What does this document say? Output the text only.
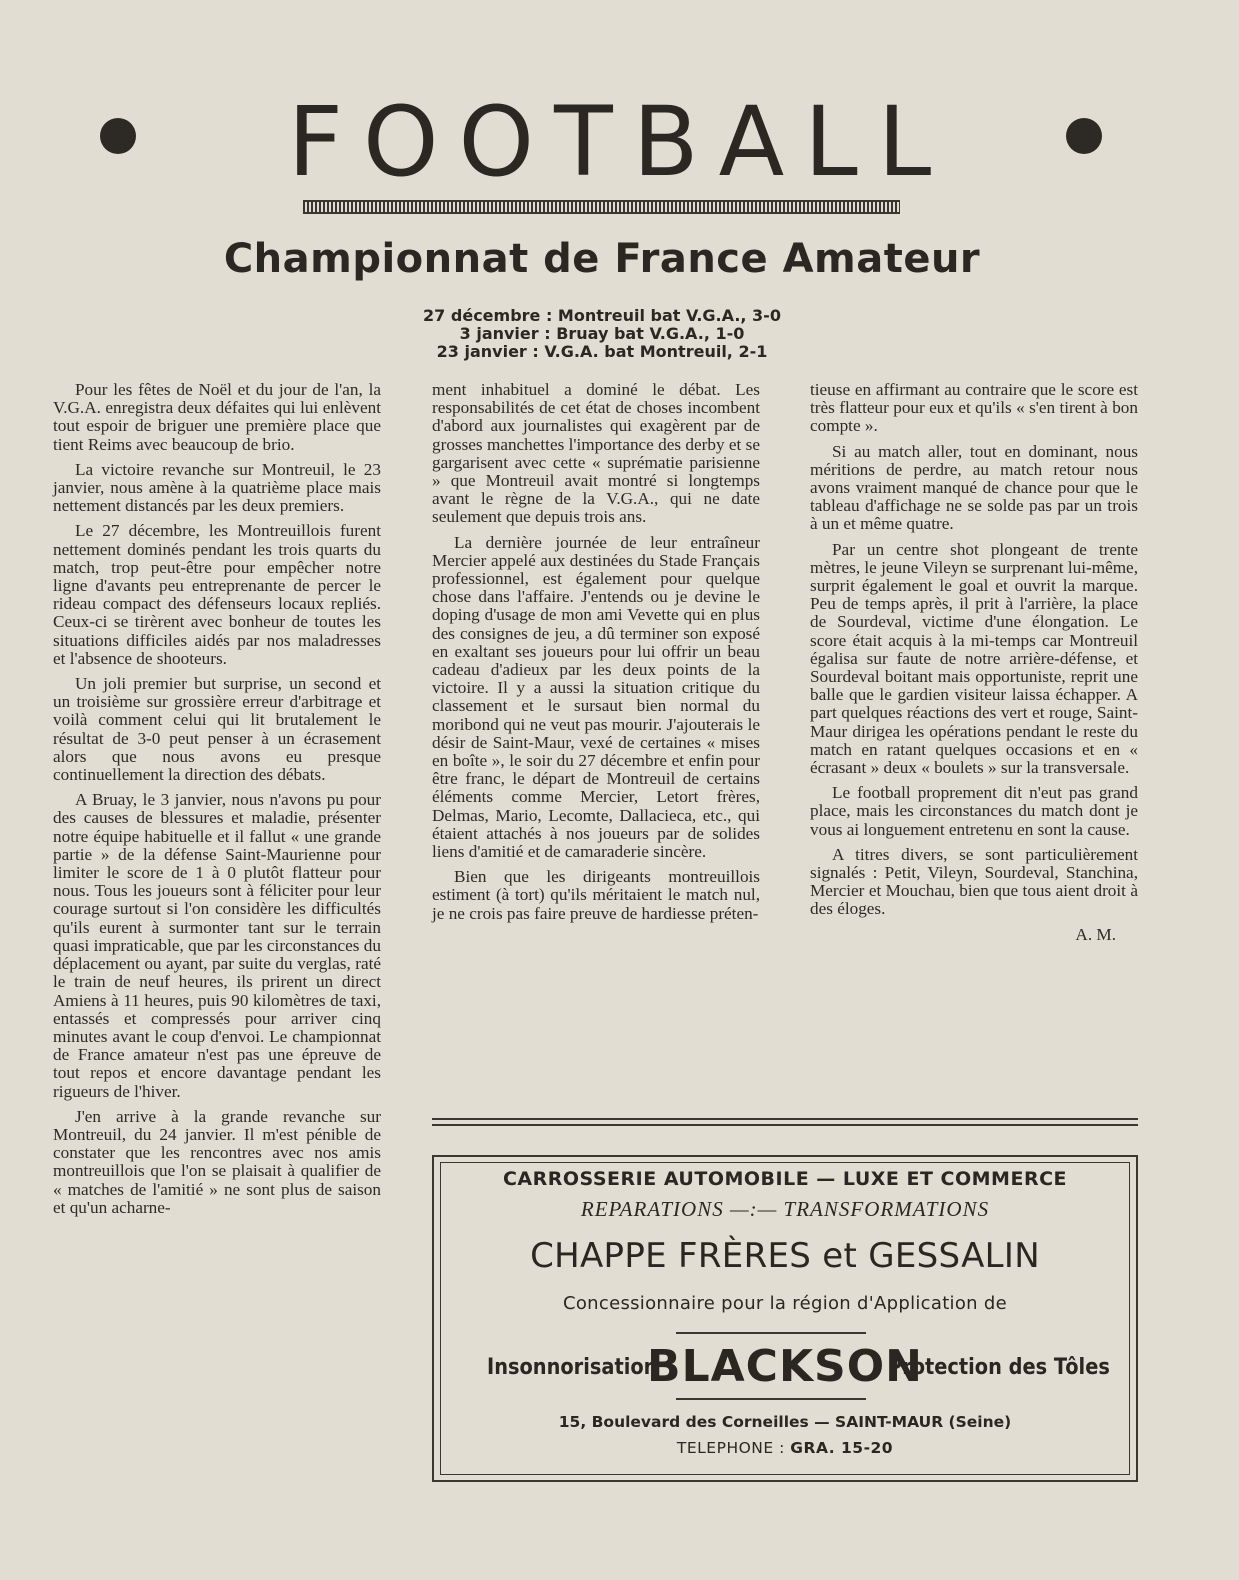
FOOTBALL
Championnat de France Amateur
27 décembre : Montreuil bat V.G.A., 3-0
3 janvier : Bruay bat V.G.A., 1-0
23 janvier : V.G.A. bat Montreuil, 2-1

Pour les fêtes de Noël et du jour de l'an, la V.G.A. enregistra deux défaites qui lui enlèvent tout espoir de briguer une première place que tient Reims avec beaucoup de brio.

La victoire revanche sur Montreuil, le 23 janvier, nous amène à la quatrième place mais nettement distancés par les deux premiers.

Le 27 décembre, les Montreuillois furent nettement dominés pendant les trois quarts du match, trop peut-être pour empêcher notre ligne d'avants peu entreprenante de percer le rideau compact des défenseurs locaux repliés. Ceux-ci se tirèrent avec bonheur de toutes les situations difficiles aidés par nos maladresses et l'absence de shooteurs.

Un joli premier but surprise, un second et un troisième sur grossière erreur d'arbitrage et voilà comment celui qui lit brutalement le résultat de 3-0 peut penser à un écrasement alors que nous avons eu presque continuellement la direction des débats.

A Bruay, le 3 janvier, nous n'avons pu pour des causes de blessures et maladie, présenter notre équipe habituelle et il fallut « une grande partie » de la défense Saint-Maurienne pour limiter le score de 1 à 0 plutôt flatteur pour nous. Tous les joueurs sont à féliciter pour leur courage surtout si l'on considère les difficultés qu'ils eurent à surmonter tant sur le terrain quasi impraticable, que par les circonstances du déplacement ou ayant, par suite du verglas, raté le train de neuf heures, ils prirent un direct Amiens à 11 heures, puis 90 kilomètres de taxi, entassés et compressés pour arriver cinq minutes avant le coup d'envoi. Le championnat de France amateur n'est pas une épreuve de tout repos et encore davantage pendant les rigueurs de l'hiver.

J'en arrive à la grande revanche sur Montreuil, du 24 janvier. Il m'est pénible de constater que les rencontres avec nos amis montreuillois que l'on se plaisait à qualifier de « matches de l'amitié » ne sont plus de saison et qu'un acharne-

ment inhabituel a dominé le débat. Les responsabilités de cet état de choses incombent d'abord aux journalistes qui exagèrent par de grosses manchettes l'importance des derby et se gargarisent avec cette « suprématie parisienne » que Montreuil avait montré si longtemps avant le règne de la V.G.A., qui ne date seulement que depuis trois ans.

La dernière journée de leur entraîneur Mercier appelé aux destinées du Stade Français professionnel, est également pour quelque chose dans l'affaire. J'entends ou je devine le doping d'usage de mon ami Vevette qui en plus des consignes de jeu, a dû terminer son exposé en exaltant ses joueurs pour lui offrir un beau cadeau d'adieux par les deux points de la victoire. Il y a aussi la situation critique du classement et le sursaut bien normal du moribond qui ne veut pas mourir. J'ajouterais le désir de Saint-Maur, vexé de certaines « mises en boîte », le soir du 27 décembre et enfin pour être franc, le départ de Montreuil de certains éléments comme Mercier, Letort frères, Delmas, Mario, Lecomte, Dallacieca, etc., qui étaient attachés à nos joueurs par de solides liens d'amitié et de camaraderie sincère.

Bien que les dirigeants montreuillois estiment (à tort) qu'ils méritaient le match nul, je ne crois pas faire preuve de hardiesse préten-

tieuse en affirmant au contraire que le score est très flatteur pour eux et qu'ils « s'en tirent à bon compte ».

Si au match aller, tout en dominant, nous méritions de perdre, au match retour nous avons vraiment manqué de chance pour que le tableau d'affichage ne se solde pas par un trois à un et même quatre.

Par un centre shot plongeant de trente mètres, le jeune Vileyn se surprenant lui-même, surprit également le goal et ouvrit la marque. Peu de temps après, il prit à l'arrière, la place de Sourdeval, victime d'une élongation. Le score était acquis à la mi-temps car Montreuil égalisa sur faute de notre arrière-défense, et Sourdeval boitant mais opportuniste, reprit une balle que le gardien visiteur laissa échapper. A part quelques réactions des vert et rouge, Saint-Maur dirigea les opérations pendant le reste du match en ratant quelques occasions et en « écrasant » deux « boulets » sur la transversale.

Le football proprement dit n'eut pas grand place, mais les circonstances du match dont je vous ai longuement entretenu en sont la cause.

A titres divers, se sont particulièrement signalés : Petit, Vileyn, Sourdeval, Stanchina, Mercier et Mouchau, bien que tous aient droit à des éloges.

A. M.

CARROSSERIE AUTOMOBILE — LUXE ET COMMERCE
REPARATIONS —:— TRANSFORMATIONS
CHAPPE FRÈRES et GESSALIN
Concessionnaire pour la région d'Application de
Insonnorisation
BLACKSON
Protection des Tôles
15, Boulevard des Corneilles — SAINT-MAUR (Seine)
TELEPHONE : GRA. 15-20
